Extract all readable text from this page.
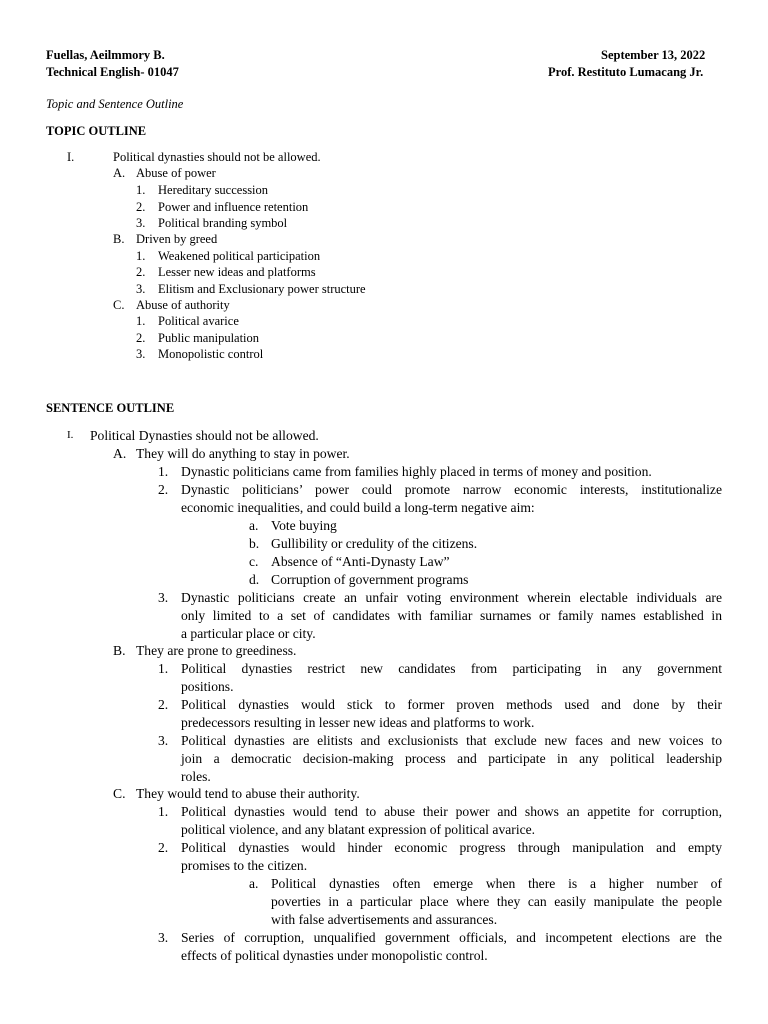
Fuellas, Aeilmmory B.
Technical English- 01047
September 13, 2022
Prof. Restituto Lumacang Jr.
Topic and Sentence Outline
TOPIC OUTLINE
I.	Political dynasties should not be allowed.
A. Abuse of power
1. Hereditary succession
2. Power and influence retention
3. Political branding symbol
B. Driven by greed
1. Weakened political participation
2. Lesser new ideas and platforms
3. Elitism and Exclusionary power structure
C. Abuse of authority
1. Political avarice
2. Public manipulation
3. Monopolistic control
SENTENCE OUTLINE
I. Political Dynasties should not be allowed.
A. They will do anything to stay in power.
1. Dynastic politicians came from families highly placed in terms of money and position.
2. Dynastic politicians’ power could promote narrow economic interests, institutionalize
economic inequalities, and could build a long-term negative aim:
a. Vote buying
b. Gullibility or credulity of the citizens.
c. Absence of “Anti-Dynasty Law”
d. Corruption of government programs
3. Dynastic politicians create an unfair voting environment wherein electable individuals are
only limited to a set of candidates with familiar surnames or family names established in
a particular place or city.
B. They are prone to greediness.
1. Political dynasties restrict new candidates from participating in any government
positions.
2. Political dynasties would stick to former proven methods used and done by their
predecessors resulting in lesser new ideas and platforms to work.
3. Political dynasties are elitists and exclusionists that exclude new faces and new voices to
join a democratic decision-making process and participate in any political leadership
roles.
C. They would tend to abuse their authority.
1. Political dynasties would tend to abuse their power and shows an appetite for corruption,
political violence, and any blatant expression of political avarice.
2. Political dynasties would hinder economic progress through manipulation and empty
promises to the citizen.
a. Political dynasties often emerge when there is a higher number of
poverties in a particular place where they can easily manipulate the people
with false advertisements and assurances.
3. Series of corruption, unqualified government officials, and incompetent elections are the
effects of political dynasties under monopolistic control.
